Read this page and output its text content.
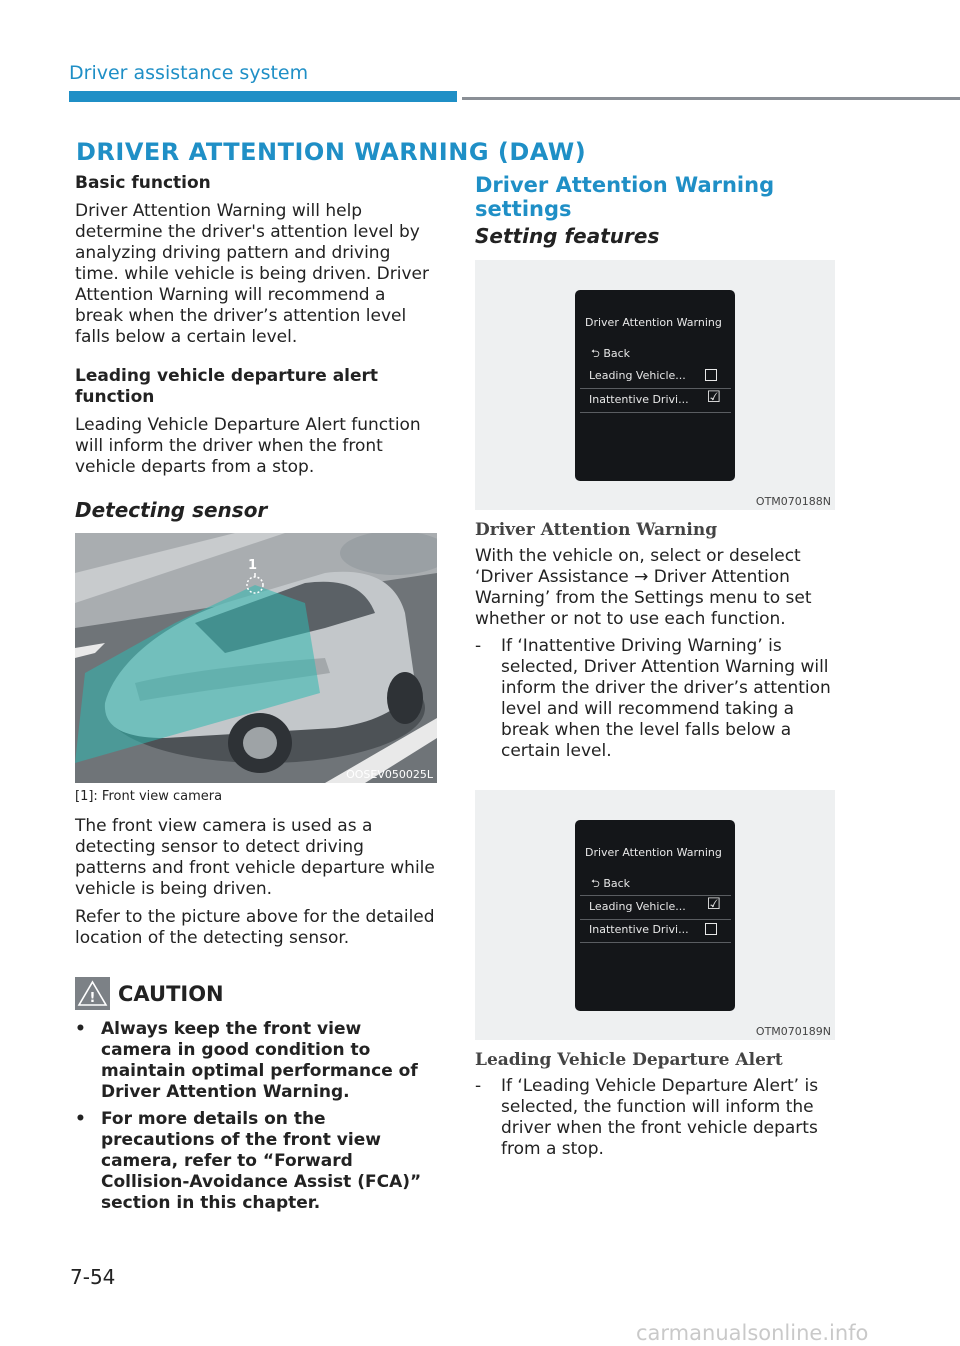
Driver assistance system
DRIVER ATTENTION WARNING (DAW)
Basic function

Driver Attention Warning will help determine the driver's attention level by analyzing driving pattern and driving time. while vehicle is being driven. Driver Attention Warning will recommend a break when the driver’s attention level falls below a certain level.

Leading vehicle departure alert function

Leading Vehicle Departure Alert function will inform the driver when the front vehicle departs from a stop.

Detecting sensor
1
OOSEV050025L
[1]: Front view camera

The front view camera is used as a detecting sensor to detect driving patterns and front vehicle departure while vehicle is being driven.

Refer to the picture above for the detailed location of the detecting sensor.

! CAUTION
• Always keep the front view camera in good condition to maintain optimal performance of Driver Attention Warning.
• For more details on the precautions of the front view camera, refer to “Forward Collision-Avoidance Assist (FCA)” section in this chapter.
Driver Attention Warning settings
Setting features
Driver Attention Warning
⮌ Back
Leading Vehicle...
Inattentive Drivi... ☑
OTM070188N
Driver Attention Warning

With the vehicle on, select or deselect ‘Driver Assistance → Driver Attention Warning’ from the Settings menu to set whether or not to use each function.

-	If ‘Inattentive Driving Warning’ is selected, Driver Attention Warning will inform the driver the driver’s attention level and will recommend taking a break when the level falls below a certain level.

Driver Attention Warning
⮌ Back
Leading Vehicle... ☑
Inattentive Drivi...
OTM070189N
Leading Vehicle Departure Alert

-	If ‘Leading Vehicle Departure Alert’ is selected, the function will inform the driver when the front vehicle departs from a stop.

7-54
carmanualsonline.info
